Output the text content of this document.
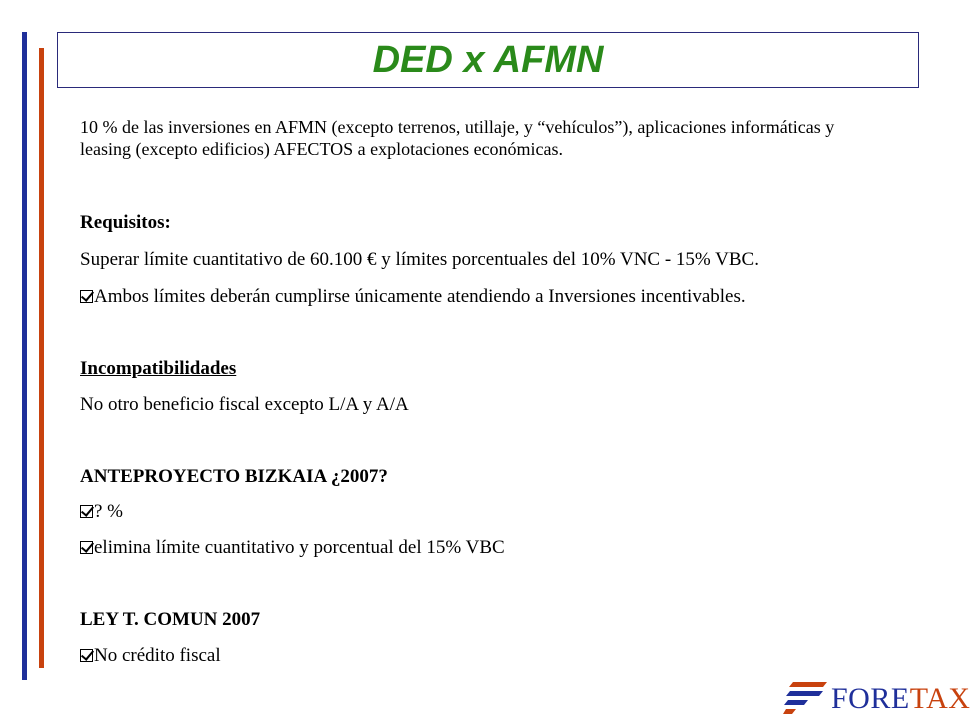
DED x AFMN
10 % de las inversiones en AFMN (excepto terrenos, utillaje, y “vehículos”), aplicaciones informáticas y leasing (excepto edificios) AFECTOS a explotaciones económicas.
Requisitos:
Superar límite cuantitativo de 60.100 € y límites porcentuales del 10% VNC - 15% VBC.
Ambos límites deberán cumplirse únicamente atendiendo a Inversiones incentivables.
Incompatibilidades
No otro beneficio fiscal excepto L/A y A/A
ANTEPROYECTO BIZKAIA ¿2007?
? %
elimina límite cuantitativo y porcentual del 15% VBC
LEY T. COMUN 2007
No crédito fiscal
FORETAX
